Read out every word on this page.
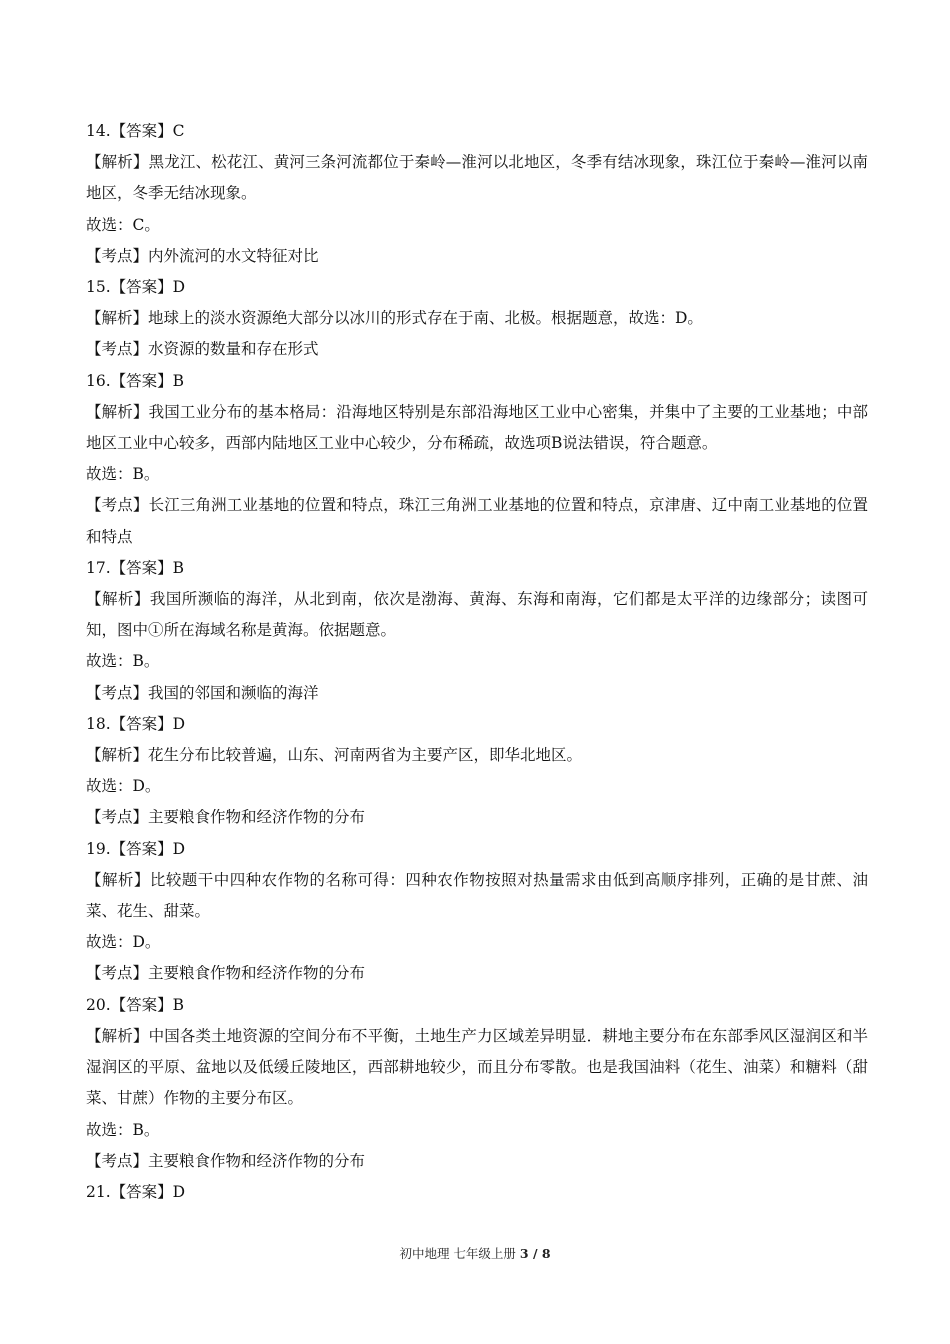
14.【答案】C

【解析】黑龙江、松花江、黄河三条河流都位于秦岭—淮河以北地区，冬季有结冰现象，珠江位于秦岭—淮河以南地区，冬季无结冰现象。

故选：C。

【考点】内外流河的水文特征对比

15.【答案】D

【解析】地球上的淡水资源绝大部分以冰川的形式存在于南、北极。根据题意，故选：D。

【考点】水资源的数量和存在形式

16.【答案】B

【解析】我国工业分布的基本格局：沿海地区特别是东部沿海地区工业中心密集，并集中了主要的工业基地；中部地区工业中心较多，西部内陆地区工业中心较少，分布稀疏，故选项B说法错误，符合题意。

故选：B。

【考点】长江三角洲工业基地的位置和特点，珠江三角洲工业基地的位置和特点，京津唐、辽中南工业基地的位置和特点

17.【答案】B

【解析】我国所濒临的海洋，从北到南，依次是渤海、黄海、东海和南海，它们都是太平洋的边缘部分；读图可知，图中①所在海域名称是黄海。依据题意。

故选：B。

【考点】我国的邻国和濒临的海洋

18.【答案】D

【解析】花生分布比较普遍，山东、河南两省为主要产区，即华北地区。

故选：D。

【考点】主要粮食作物和经济作物的分布

19.【答案】D

【解析】比较题干中四种农作物的名称可得：四种农作物按照对热量需求由低到高顺序排列，正确的是甘蔗、油菜、花生、甜菜。

故选：D。

【考点】主要粮食作物和经济作物的分布

20.【答案】B

【解析】中国各类土地资源的空间分布不平衡，土地生产力区域差异明显．耕地主要分布在东部季风区湿润区和半湿润区的平原、盆地以及低缓丘陵地区，西部耕地较少，而且分布零散。也是我国油料（花生、油菜）和糖料（甜菜、甘蔗）作物的主要分布区。

故选：B。

【考点】主要粮食作物和经济作物的分布

21.【答案】D

初中地理 七年级上册 3 / 8
